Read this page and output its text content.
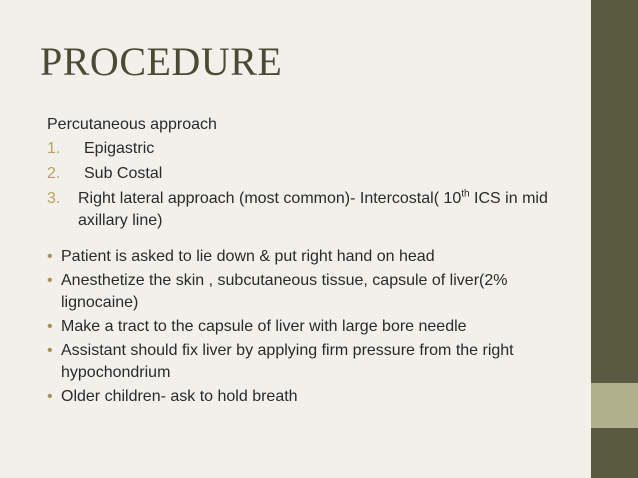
PROCEDURE

Percutaneous approach

1. Epigastric
2. Sub Costal
3. Right lateral approach (most common)- Intercostal( 10th ICS in mid axillary line)
• Patient is asked to lie down & put right hand on head
• Anesthetize the skin , subcutaneous tissue, capsule of liver(2% lignocaine)
• Make a tract to the capsule of liver with large bore needle
• Assistant should fix liver by applying firm pressure from the right hypochondrium
• Older children- ask to hold breath
